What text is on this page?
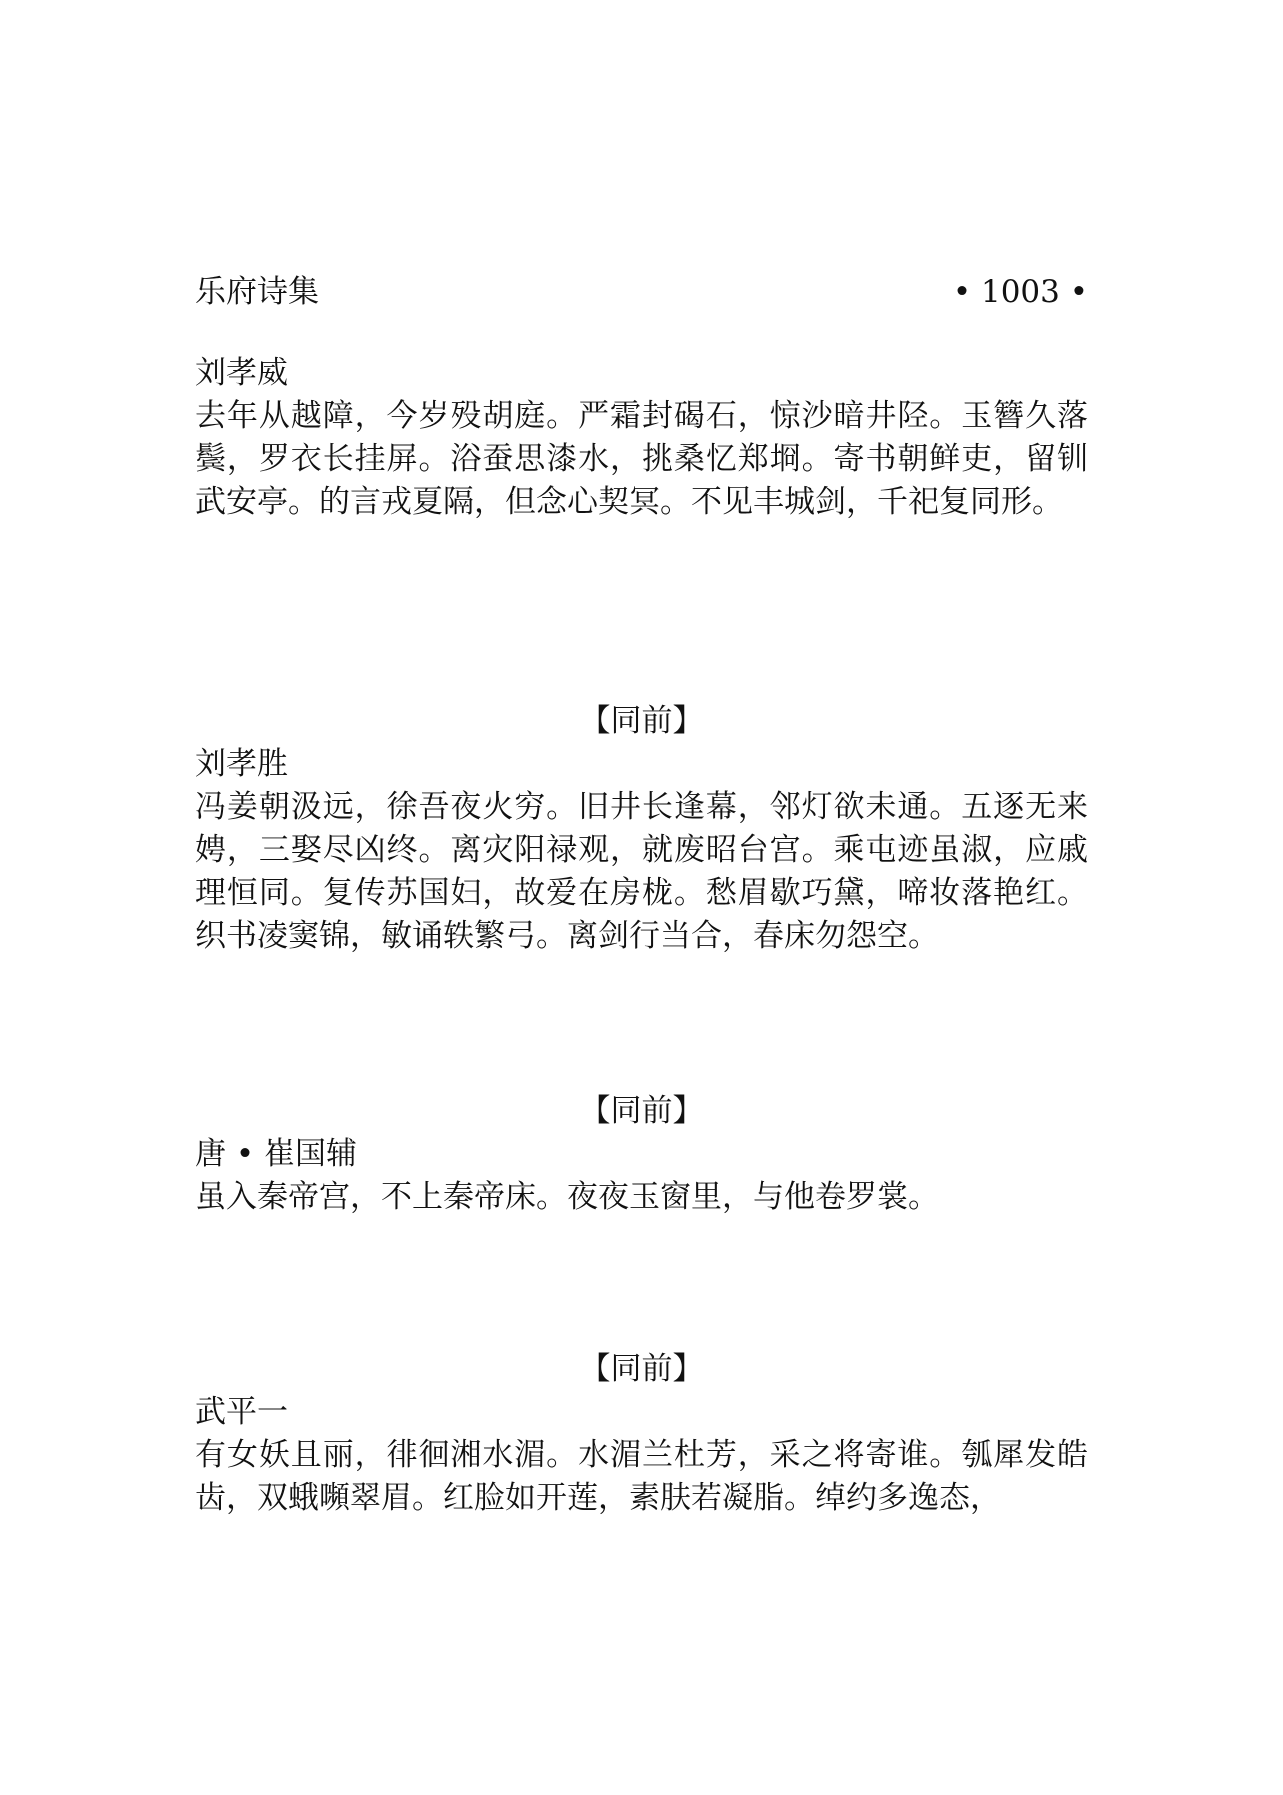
乐府诗集	• 1003 •
刘孝威
去年从越障，今岁殁胡庭。严霜封碣石，惊沙暗井陉。玉簪久落鬓，罗衣长挂屏。浴蚕思漆水，挑桑忆郑埛。寄书朝鲜吏，留钏武安亭。的言戎夏隔，但念心契冥。不见丰城剑，千祀复同形。
【同前】
刘孝胜
冯姜朝汲远，徐吾夜火穷。旧井长逢幕，邻灯欲未通。五逐无来娉，三娶尽凶终。离灾阳禄观，就废昭台宫。乘屯迹虽淑，应戚理恒同。复传苏国妇，故爱在房栊。愁眉歇巧黛，啼妆落艳红。织书凌窦锦，敏诵轶繁弓。离剑行当合，春床勿怨空。
【同前】
唐 • 崔国辅
虽入秦帝宫，不上秦帝床。夜夜玉窗里，与他卷罗裳。
【同前】
武平一
有女妖且丽，徘徊湘水湄。水湄兰杜芳，采之将寄谁。瓠犀发皓齿，双蛾嚬翠眉。红脸如开莲，素肤若凝脂。绰约多逸态，
